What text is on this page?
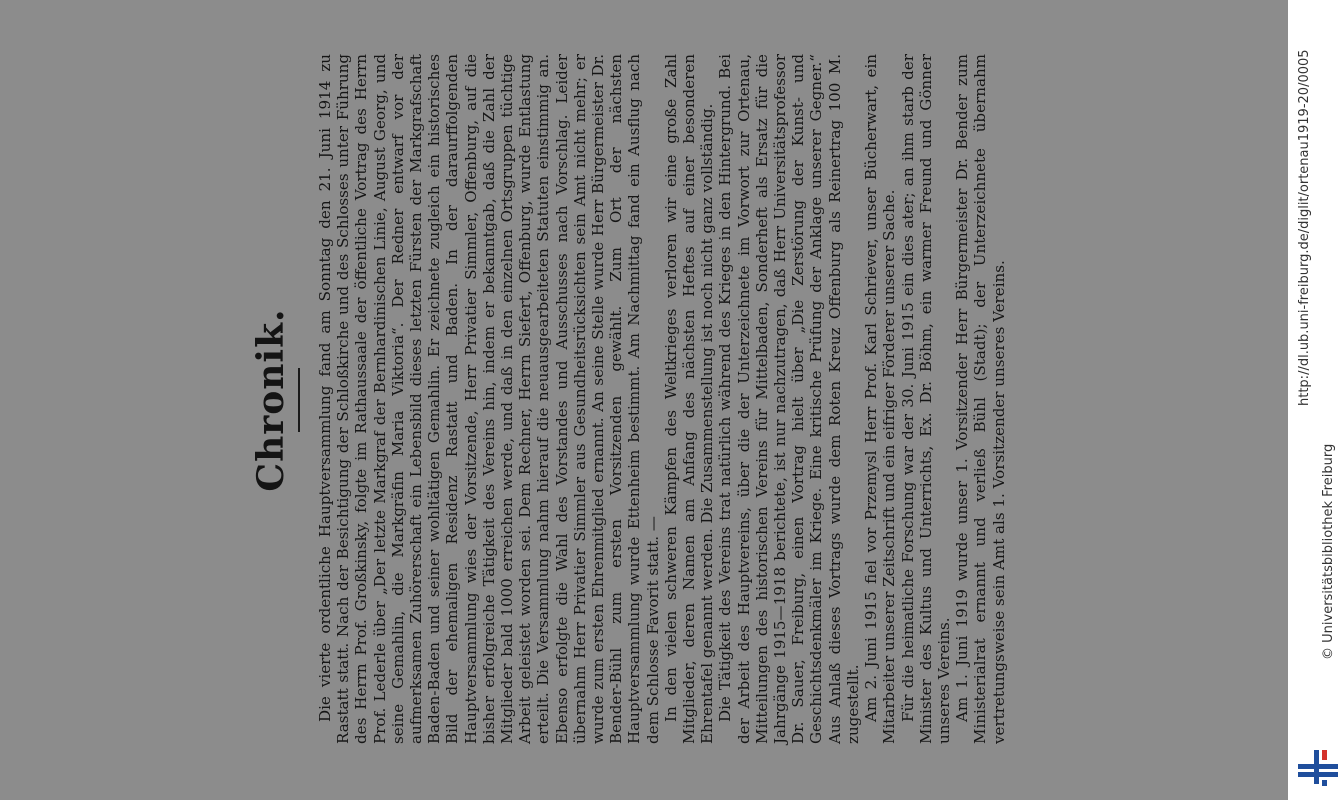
Chronik. Die vierte ordentliche Hauptversammlung fand am Sonntag den 21. Juni 1914 zu Rastatt statt. Nach der Besichtigung der Schloßkirche und des Schlosses unter Führung des Herrn Prof. Großkinsky, folgte im Rathaussaale der öffentliche Vortrag des Herrn Prof. Lederle über „Der letzte Markgraf der Bernhardinischen Linie, August Georg, und seine Gemahlin, die Markgräfin Maria Viktoria“. Der Redner entwarf vor der aufmerksamen Zuhörerschaft ein Lebensbild dieses letzten Fürsten der Markgrafschaft Baden-Baden und seiner wohltätigen Gemahlin. Er zeichnete zugleich ein historisches Bild der ehemaligen Residenz Rastatt und Baden. In der daraurffolgenden Hauptversammlung wies der Vorsitzende, Herr Privatier Simmler, Offenburg, auf die bisher erfolgreiche Tätigkeit des Vereins hin, indem er bekanntgab, daß die Zahl der Mitglieder bald 1000 erreichen werde, und daß in den einzelnen Ortsgruppen tüchtige Arbeit geleistet worden sei. Dem Rechner, Herrn Siefert, Offenburg, wurde Entlastung erteilt. Die Versammlung nahm hierauf die neuausgearbeiteten Statuten einstimmig an. Ebenso erfolgte die Wahl des Vorstandes und Ausschusses nach Vorschlag. Leider übernahm Herr Privatier Simmler aus Gesundheitsrücksichten sein Amt nicht mehr; er wurde zum ersten Ehrenmitglied ernannt. An seine Stelle wurde Herr Bürgermeister Dr. Bender-Bühl zum ersten Vorsitzenden gewählt. Zum Ort der nächsten Hauptversammlung wurde Ettenheim bestimmt. Am Nachmittag fand ein Ausflug nach dem Schlosse Favorit statt. — In den vielen schweren Kämpfen des Weltkrieges verloren wir eine große Zahl Mitglieder, deren Namen am Anfang des nächsten Heftes auf einer besonderen Ehrentafel genannt werden. Die Zusammenstellung ist noch nicht ganz vollständig. Die Tätigkeit des Vereins trat natürlich während des Krieges in den Hintergrund. Bei der Arbeit des Hauptvereins, über die der Unterzeichnete im Vorwort zur Ortenau, Mitteilungen des historischen Vereins für Mittelbaden, Sonderheft als Ersatz für die Jahrgänge 1915—1918 berichtete, ist nur nachzutragen, daß Herr Universitätsprofessor Dr. Sauer, Freiburg, einen Vortrag hielt über „Die Zerstörung der Kunst- und Geschichtsdenkmäler im Kriege. Eine kritische Prüfung der Anklage unserer Gegner.“ Aus Anlaß dieses Vortrags wurde dem Roten Kreuz Offenburg als Reinertrag 100 M. zugestellt. Am 2. Juni 1915 fiel vor Przemysl Herr Prof. Karl Schriever, unser Bücherwart, ein Mitarbeiter unserer Zeitschrift und ein eifriger Förderer unserer Sache. Für die heimatliche Forschung war der 30. Juni 1915 ein dies ater; an ihm starb der Minister des Kultus und Unterrichts, Ex. Dr. Böhm, ein warmer Freund und Gönner unseres Vereins. Am 1. Juni 1919 wurde unser 1. Vorsitzender Herr Bürgermeister Dr. Bender zum Ministerialrat ernannt und verließ Bühl (Stadt); der Unterzeichnete übernahm vertretungsweise sein Amt als 1. Vorsitzender unseres Vereins.

http://dl.ub.uni-freiburg.de/diglit/ortenau1919-20/0005
© Universitätsbibliothek Freiburg
